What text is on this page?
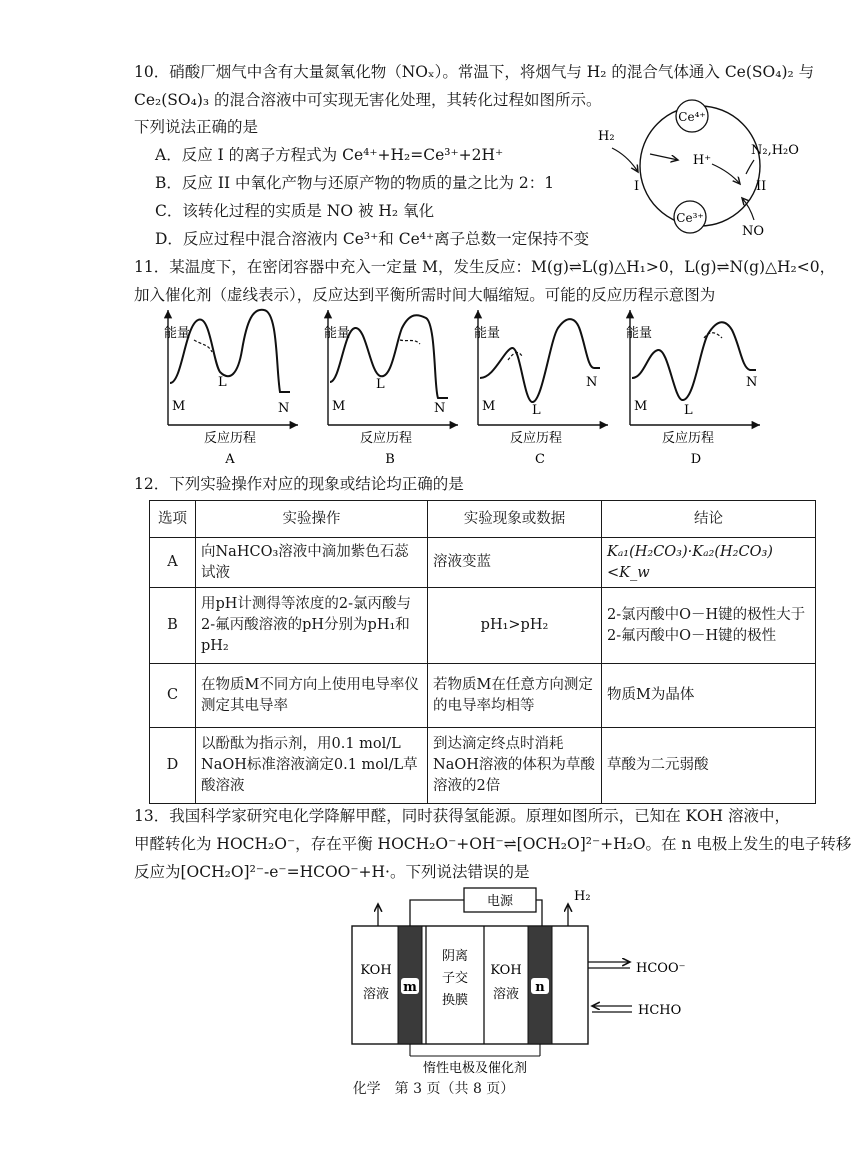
10．硝酸厂烟气中含有大量氮氧化物（NOₓ）。常温下，将烟气与 H₂ 的混合气体通入 Ce(SO₄)₂ 与
Ce₂(SO₄)₃ 的混合溶液中可实现无害化处理，其转化过程如图所示。
下列说法正确的是
A．反应 I 的离子方程式为 Ce⁴⁺+H₂=Ce³⁺+2H⁺
B．反应 II 中氧化产物与还原产物的物质的量之比为 2：1
C．该转化过程的实质是 NO 被 H₂ 氧化
D．反应过程中混合溶液内 Ce³⁺和 Ce⁴⁺离子总数一定保持不变
Ce⁴⁺
Ce³⁺
H₂
H⁺
N₂,H₂O
I	II
NO
11．某温度下，在密闭容器中充入一定量 M，发生反应：M(g)⇌L(g)△H₁>0，L(g)⇌N(g)△H₂<0，
加入催化剂（虚线表示），反应达到平衡所需时间大幅缩短。可能的反应历程示意图为
能量
M
L
N
反应历程
A
能量
M
L
N
反应历程
B
能量
M	L
N
反应历程
C
能量
M	L
N
反应历程
D
12．下列实验操作对应的现象或结论均正确的是
选项	实验操作	实验现象或数据	结论
A	向NaHCO₃溶液中滴加紫色石蕊试液	溶液变蓝	Kₐ₁(H₂CO₃)·Kₐ₂(H₂CO₃) <K_w
B	用pH计测得等浓度的2-氯丙酸与2-氟丙酸溶液的pH分别为pH₁和pH₂	pH₁>pH₂	2-氯丙酸中O－H键的极性大于2-氟丙酸中O－H键的极性
C	在物质M不同方向上使用电导率仪测定其电导率	若物质M在任意方向测定的电导率均相等	物质M为晶体
D	以酚酞为指示剂，用0.1 mol/L NaOH标准溶液滴定0.1 mol/L草酸溶液	到达滴定终点时消耗NaOH溶液的体积为草酸溶液的2倍	草酸为二元弱酸
13．我国科学家研究电化学降解甲醛，同时获得氢能源。原理如图所示，已知在 KOH 溶液中，
甲醛转化为 HOCH₂O⁻，存在平衡 HOCH₂O⁻+OH⁻⇌[OCH₂O]²⁻+H₂O。在 n 电极上发生的电子转移
反应为[OCH₂O]²⁻-e⁻=HCOO⁻+H·。下列说法错误的是
电源	H₂
KOH
溶液 m
阴离
子交
换膜
KOH
溶液 n
HCOO⁻
HCHO
惰性电极及催化剂
化学　第 3 页（共 8 页）
